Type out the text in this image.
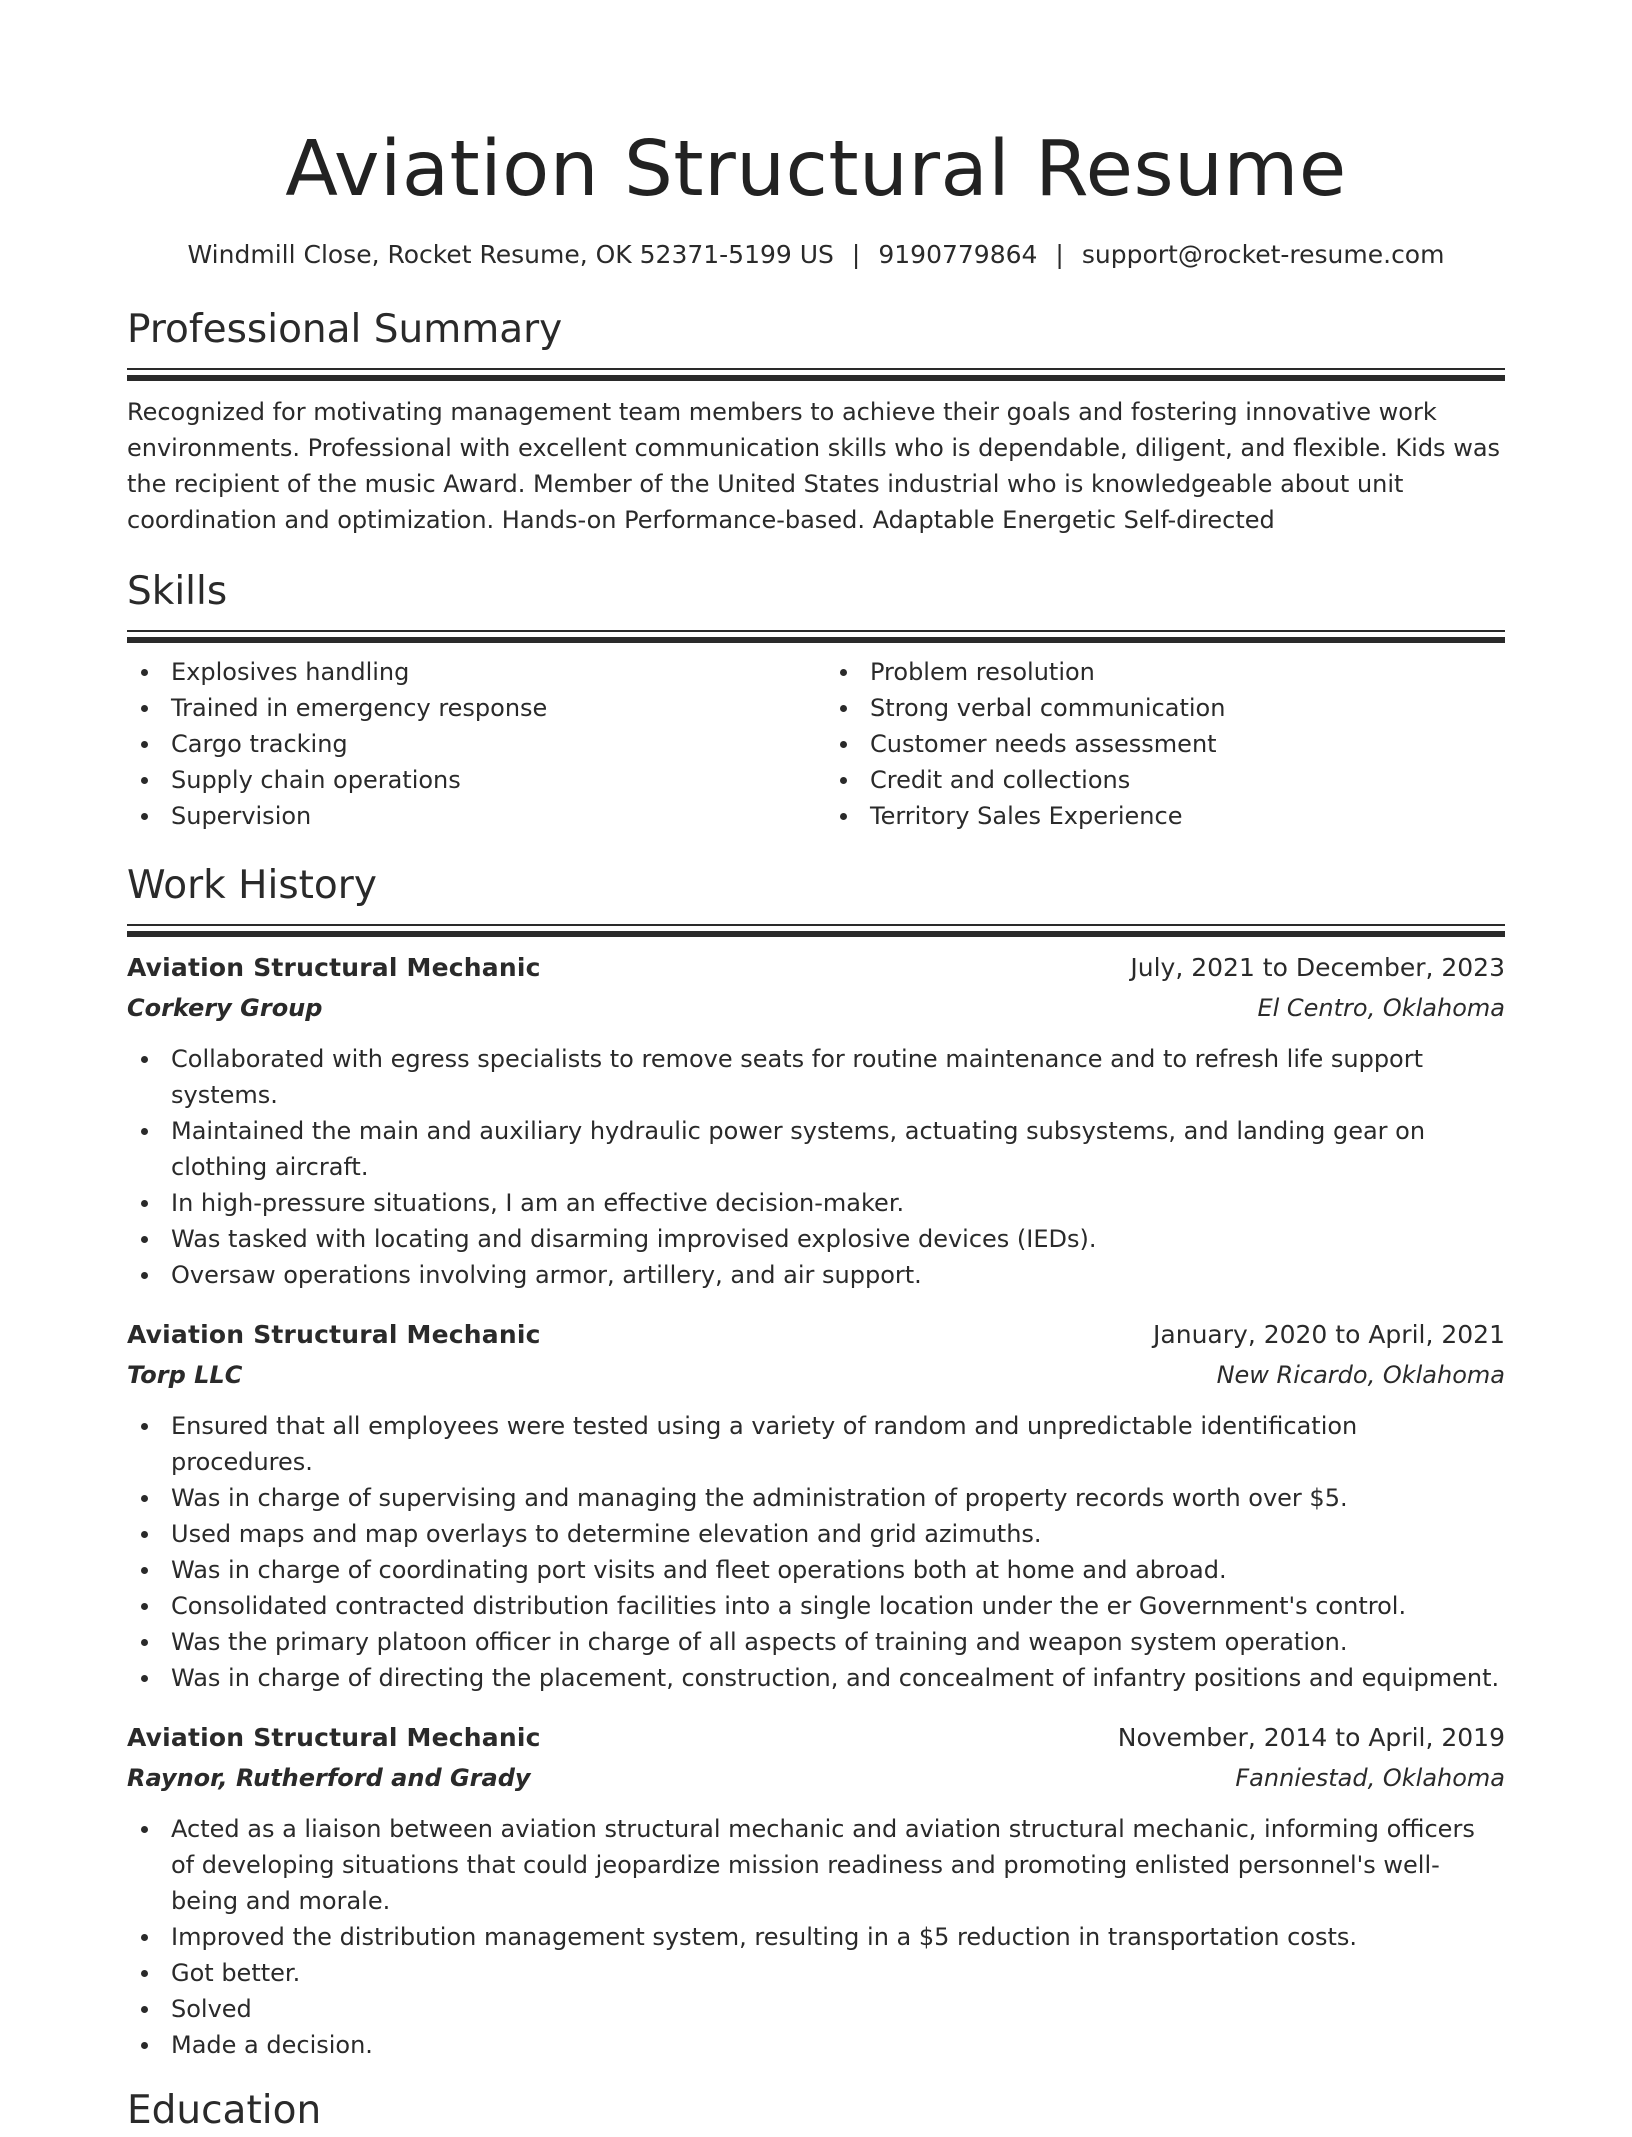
Aviation Structural Resume
Windmill Close, Rocket Resume, OK 52371-5199 US | 9190779864 | support@rocket-resume.com
Professional Summary
Recognized for motivating management team members to achieve their goals and fostering innovative work environments. Professional with excellent communication skills who is dependable, diligent, and flexible. Kids was the recipient of the music Award. Member of the United States industrial who is knowledgeable about unit coordination and optimization. Hands-on Performance-based. Adaptable Energetic Self-directed
Skills
Explosives handling
Trained in emergency response
Cargo tracking
Supply chain operations
Supervision
Problem resolution
Strong verbal communication
Customer needs assessment
Credit and collections
Territory Sales Experience
Work History
Aviation Structural Mechanic	July, 2021 to December, 2023
Corkery Group	El Centro, Oklahoma
Collaborated with egress specialists to remove seats for routine maintenance and to refresh life support systems.
Maintained the main and auxiliary hydraulic power systems, actuating subsystems, and landing gear on clothing aircraft.
In high-pressure situations, I am an effective decision-maker.
Was tasked with locating and disarming improvised explosive devices (IEDs).
Oversaw operations involving armor, artillery, and air support.
Aviation Structural Mechanic	January, 2020 to April, 2021
Torp LLC	New Ricardo, Oklahoma
Ensured that all employees were tested using a variety of random and unpredictable identification procedures.
Was in charge of supervising and managing the administration of property records worth over $5.
Used maps and map overlays to determine elevation and grid azimuths.
Was in charge of coordinating port visits and fleet operations both at home and abroad.
Consolidated contracted distribution facilities into a single location under the er Government's control.
Was the primary platoon officer in charge of all aspects of training and weapon system operation.
Was in charge of directing the placement, construction, and concealment of infantry positions and equipment.
Aviation Structural Mechanic	November, 2014 to April, 2019
Raynor, Rutherford and Grady	Fanniestad, Oklahoma
Acted as a liaison between aviation structural mechanic and aviation structural mechanic, informing officers of developing situations that could jeopardize mission readiness and promoting enlisted personnel's well-being and morale.
Improved the distribution management system, resulting in a $5 reduction in transportation costs.
Got better.
Solved
Made a decision.
Education
